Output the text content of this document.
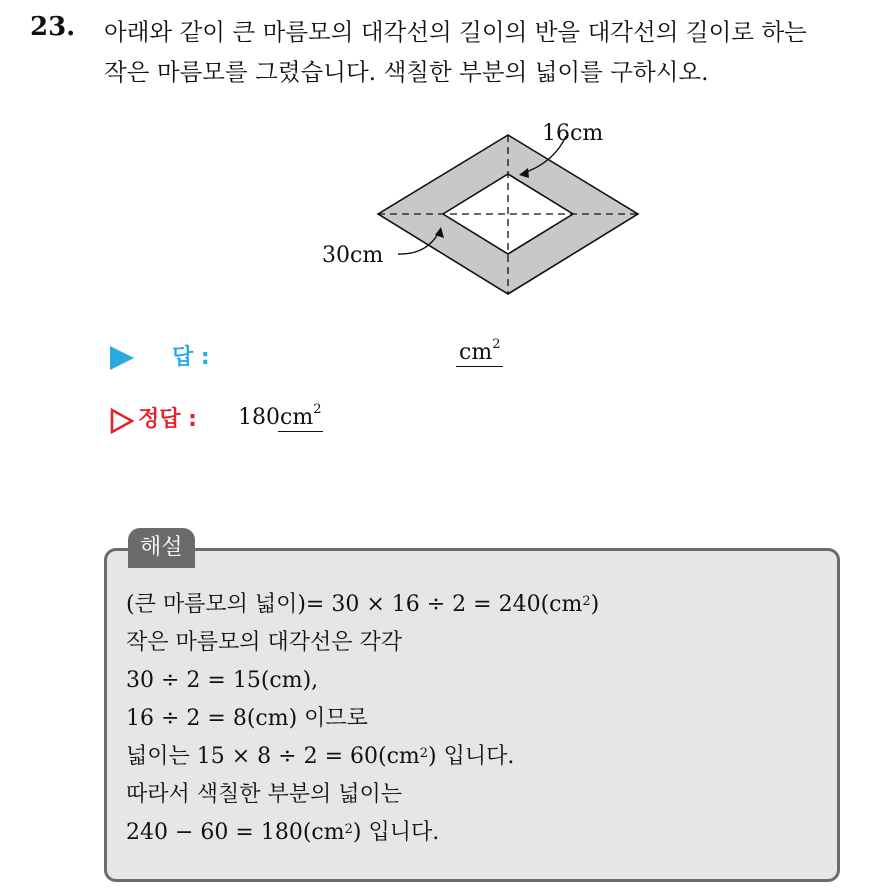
23. 아래와 같이 큰 마름모의 대각선의 길이의 반을 대각선의 길이로 하는
작은 마름모를 그렸습니다. 색칠한 부분의 넓이를 구하시오.
16cm
30cm
답 :	$cm^2$
정답 : 180 $cm^2$
해설
(큰 마름모의 넓이)= $30 \times 16 \div 2 = 240(cm^2)$
작은 마름모의 대각선은 각각
30 ÷ 2 = 15(cm),
16 ÷ 2 = 8(cm) 이므로
넓이는 $15 \times 8 \div 2 = 60(cm^2)$ 입니다.
따라서 색칠한 부분의 넓이는
$240 - 60 = 180(cm^2)$ 입니다.
